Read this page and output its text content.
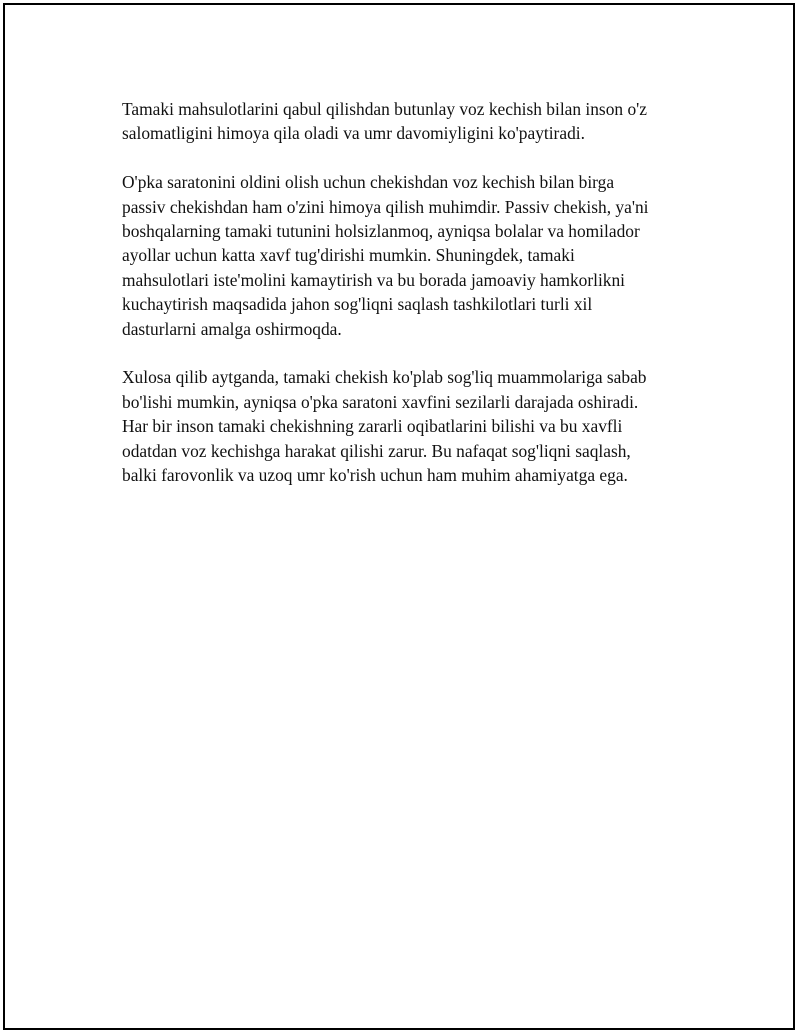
Tamaki mahsulotlarini qabul qilishdan butunlay voz kechish bilan inson o'z
salomatligini himoya qila oladi va umr davomiyligini ko'paytiradi.

O'pka saratonini oldini olish uchun chekishdan voz kechish bilan birga
passiv chekishdan ham o'zini himoya qilish muhimdir. Passiv chekish, ya'ni
boshqalarning tamaki tutunini holsizlanmoq, ayniqsa bolalar va homilador
ayollar uchun katta xavf tug'dirishi mumkin. Shuningdek, tamaki
mahsulotlari iste'molini kamaytirish va bu borada jamoaviy hamkorlikni
kuchaytirish maqsadida jahon sog'liqni saqlash tashkilotlari turli xil
dasturlarni amalga oshirmoqda.

Xulosa qilib aytganda, tamaki chekish ko'plab sog'liq muammolariga sabab
bo'lishi mumkin, ayniqsa o'pka saratoni xavfini sezilarli darajada oshiradi.
Har bir inson tamaki chekishning zararli oqibatlarini bilishi va bu xavfli
odatdan voz kechishga harakat qilishi zarur. Bu nafaqat sog'liqni saqlash,
balki farovonlik va uzoq umr ko'rish uchun ham muhim ahamiyatga ega.
